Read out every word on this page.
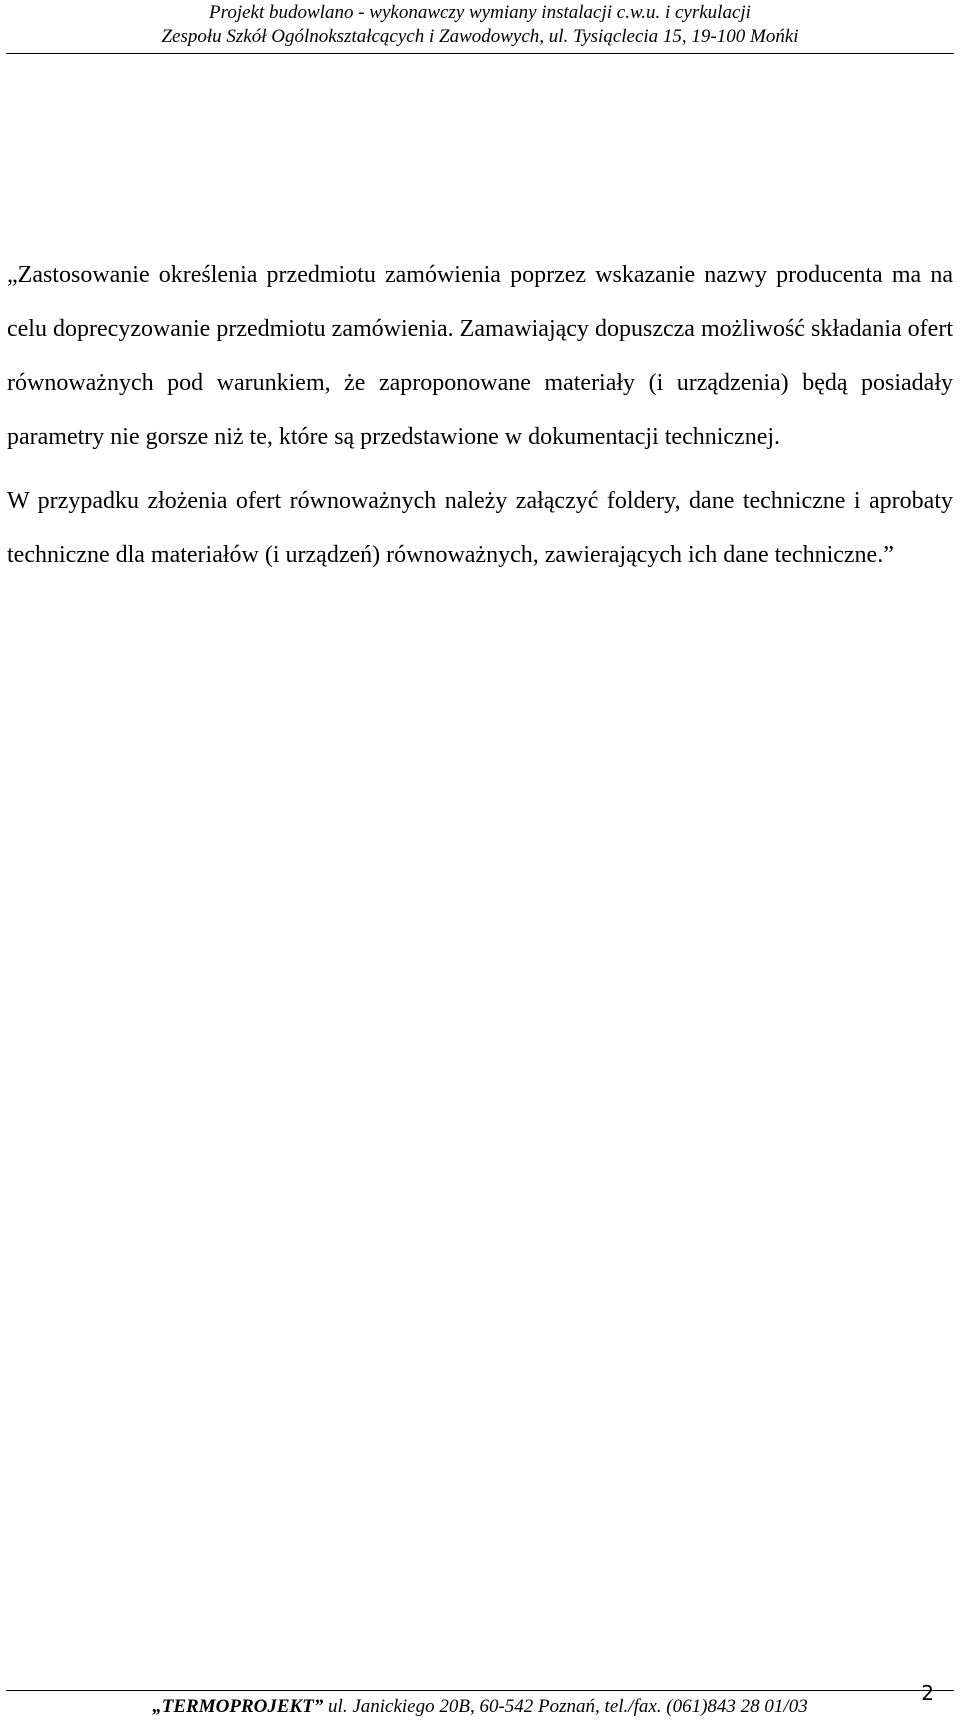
Projekt budowlano - wykonawczy wymiany instalacji c.w.u. i cyrkulacji
Zespołu Szkół Ogólnokształcących i Zawodowych, ul. Tysiąclecia 15, 19-100 Mońki

„Zastosowanie określenia przedmiotu zamówienia poprzez wskazanie nazwy producenta ma na celu doprecyzowanie przedmiotu zamówienia. Zamawiający dopuszcza możliwość składania ofert równoważnych pod warunkiem, że zaproponowane materiały (i urządzenia) będą posiadały parametry nie gorsze niż te, które są przedstawione w dokumentacji technicznej.

W przypadku złożenia ofert równoważnych należy załączyć foldery, dane techniczne i aprobaty techniczne dla materiałów (i urządzeń) równoważnych, zawierających ich dane techniczne.”

2
„TERMOPROJEKT” ul. Janickiego 20B, 60-542 Poznań, tel./fax. (061)843 28 01/03
